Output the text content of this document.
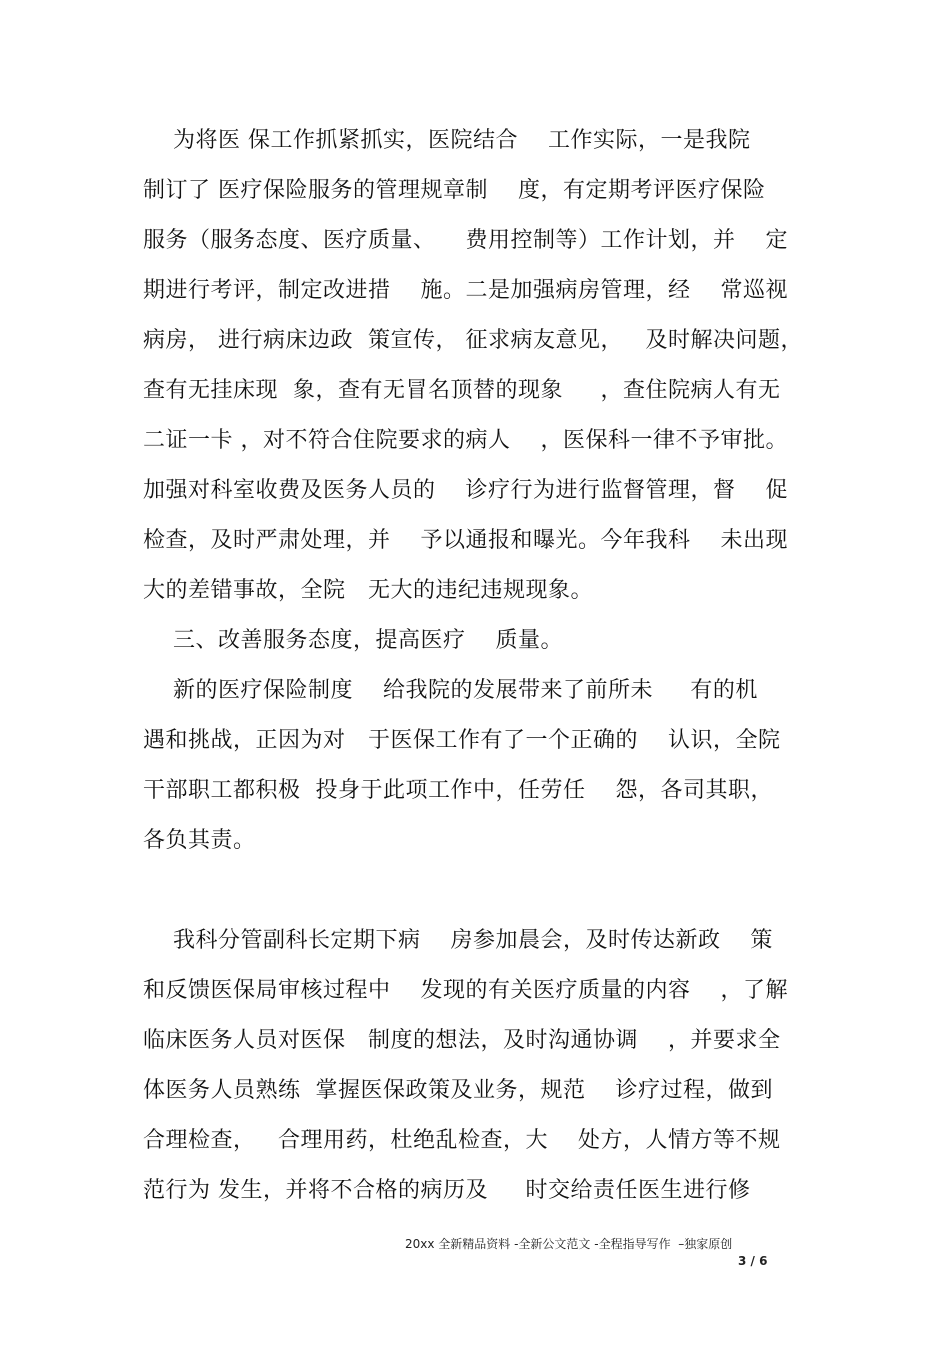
为将医 保工作抓紧抓实，医院结合    工作实际，一是我院
制订了 医疗保险服务的管理规章制    度，有定期考评医疗保险
服务（服务态度、医疗质量、    费用控制等）工作计划，并    定
期进行考评，制定改进措    施。二是加强病房管理，经    常巡视
病房， 进行病床边政  策宣传， 征求病友意见，   及时解决问题，
查有无挂床现  象，查有无冒名顶替的现象     ，查住院病人有无
二证一卡 ，对不符合住院要求的病人    ，医保科一律不予审批。
加强对科室收费及医务人员的    诊疗行为进行监督管理，督    促
检查，及时严肃处理，并    予以通报和曝光。今年我科    未出现
大的差错事故，全院   无大的违纪违规现象。
三、改善服务态度，提高医疗    质量。
新的医疗保险制度    给我院的发展带来了前所未     有的机
遇和挑战，正因为对   于医保工作有了一个正确的    认识，全院
干部职工都积极  投身于此项工作中，任劳任    怨，各司其职，
各负其责。
我科分管副科长定期下病    房参加晨会，及时传达新政    策
和反馈医保局审核过程中    发现的有关医疗质量的内容    ，了解
临床医务人员对医保   制度的想法，及时沟通协调    ，并要求全
体医务人员熟练  掌握医保政策及业务，规范    诊疗过程，做到
合理检查，   合理用药，杜绝乱检查，大    处方，人情方等不规
范行为 发生，并将不合格的病历及     时交给责任医生进行修
20xx 全新精品资料 -全新公文范文 -全程指导写作  –独家原创
3 / 6
